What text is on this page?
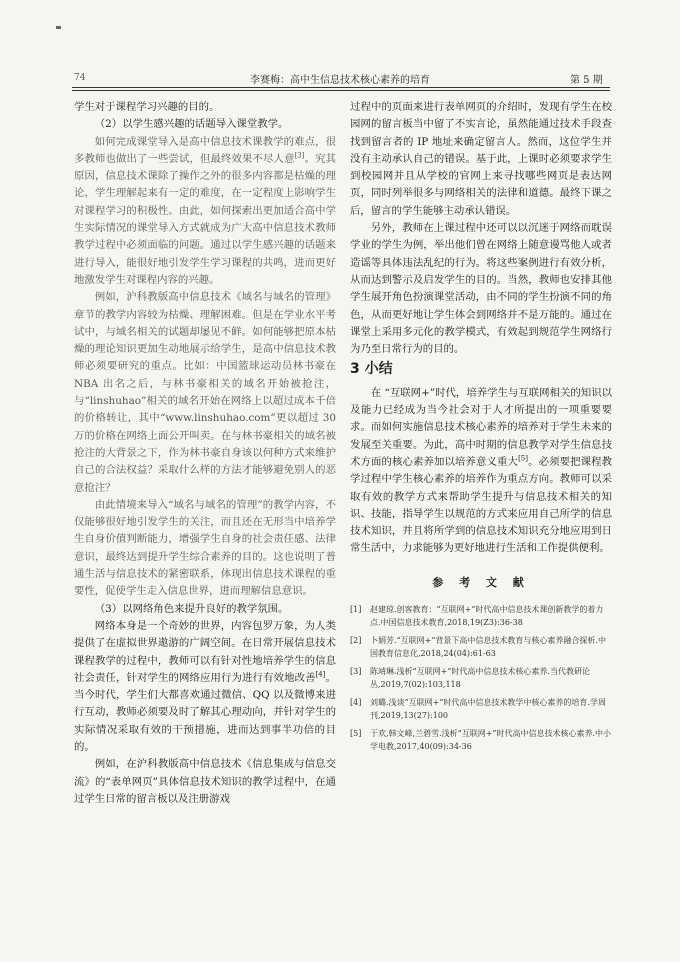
74	李赛梅：高中生信息技术核心素养的培育	第 5 期

学生对于课程学习兴趣的目的。

（2）以学生感兴趣的话题导入课堂教学。

如何完成课堂导入是高中信息技术课教学的难点，很多教师也做出了一些尝试，但最终效果不尽人意[3]。究其原因，信息技术课除了操作之外的很多内容都是枯燥的理论，学生理解起来有一定的难度，在一定程度上影响学生对课程学习的积极性。由此，如何探索出更加适合高中学生实际情况的课堂导入方式就成为广大高中信息技术教师教学过程中必须面临的问题。通过以学生感兴趣的话题来进行导入，能很好地引发学生学习课程的共鸣，进而更好地激发学生对课程内容的兴趣。

例如，沪科教版高中信息技术《域名与域名的管理》章节的教学内容较为枯燥、理解困难。但是在学业水平考试中，与域名相关的试题却屡见不鲜。如何能够把原本枯燥的理论知识更加生动地展示给学生，是高中信息技术教师必须要研究的重点。比如：中国篮球运动员林书豪在 NBA 出名之后，与林书豪相关的域名开始被抢注，与“linshuhao”相关的域名开始在网络上以超过成本千倍的价格转让，其中“www.linshuhao.com”更以超过 30万的价格在网络上面公开叫卖。在与林书豪相关的域名被抢注的大背景之下，作为林书豪自身该以何种方式来维护自己的合法权益？采取什么样的方法才能够避免别人的恶意抢注？

由此情境来导入“域名与域名的管理”的教学内容，不仅能够很好地引发学生的关注，而且还在无形当中培养学生自身价值判断能力，增强学生自身的社会责任感、法律意识，最终达到提升学生综合素养的目的。这也说明了普通生活与信息技术的紧密联系，体现出信息技术课程的重要性，促使学生走入信息世界，进而理解信息意识。

（3）以网络角色来提升良好的教学氛围。

网络本身是一个奇妙的世界，内容包罗万象，为人类提供了在虚拟世界遨游的广阔空间。在日常开展信息技术课程教学的过程中，教师可以有针对性地培养学生的信息社会责任，针对学生的网络应用行为进行有效地改善[4]。当今时代，学生们大都喜欢通过微信、QQ 以及微博来进行互动，教师必须要及时了解其心理动向，并针对学生的实际情况采取有效的干预措施，进而达到事半功倍的目的。

例如，在沪科教版高中信息技术《信息集成与信息交流》的“表单网页”具体信息技术知识的教学过程中，在通过学生日常的留言板以及注册游戏

过程中的页面来进行表单网页的介绍时，发现有学生在校园网的留言板当中留了不实言论，虽然能通过技术手段查找到留言者的 IP 地址来确定留言人。然而，这位学生并没有主动承认自己的错误。基于此，上课时必须要求学生到校园网并且从学校的官网上来寻找哪些网页是表达网页，同时列举很多与网络相关的法律和道德。最终下课之后，留言的学生能够主动承认错误。

另外，教师在上课过程中还可以以沉迷于网络而耽误学业的学生为例，举出他们曾在网络上随意谩骂他人或者造谣等具体违法乱纪的行为。将这些案例进行有效分析，从而达到警示及启发学生的目的。当然，教师也安排其他学生展开角色扮演课堂活动，由不同的学生扮演不同的角色，从而更好地让学生体会到网络并不是万能的。通过在课堂上采用多元化的教学模式，有效起到规范学生网络行为乃至日常行为的目的。

3 小结

在 “互联网+”时代，培养学生与互联网相关的知识以及能力已经成为当今社会对于人才所提出的一项重要要求。而如何实施信息技术核心素养的培养对于学生未来的发展至关重要。为此，高中时期的信息教学对学生信息技术方面的核心素养加以培养意义重大[5]。必须要把课程教学过程中学生核心素养的培养作为重点方向。教师可以采取有效的教学方式来帮助学生提升与信息技术相关的知识、技能，指导学生以规范的方式来应用自己所学的信息技术知识，并且将所学到的信息技术知识充分地应用到日常生活中，力求能够为更好地进行生活和工作提供便利。

参 考 文 献
[1]	赵建琼.创客教育：“互联网+”时代高中信息技术课创新教学的着力点.中国信息技术教育,2018,19(Z3):36-38
[2]	卜娟芳.“互联网+”背景下高中信息技术教育与核心素养融合探析.中国教育信息化,2018,24(04):61-63
[3]	陈靖琳.浅析“互联网+”时代高中信息技术核心素养.当代教研论丛,2019,7(02):103,118
[4]	刘璐.浅谈“互联网+”时代高中信息技术教学中核心素养的培育.学周刊,2019,13(27):100
[5]	于欢,韩文峰,兰碧雪.浅析“互联网+”时代高中信息技术核心素养.中小学电教,2017,40(09):34-36
